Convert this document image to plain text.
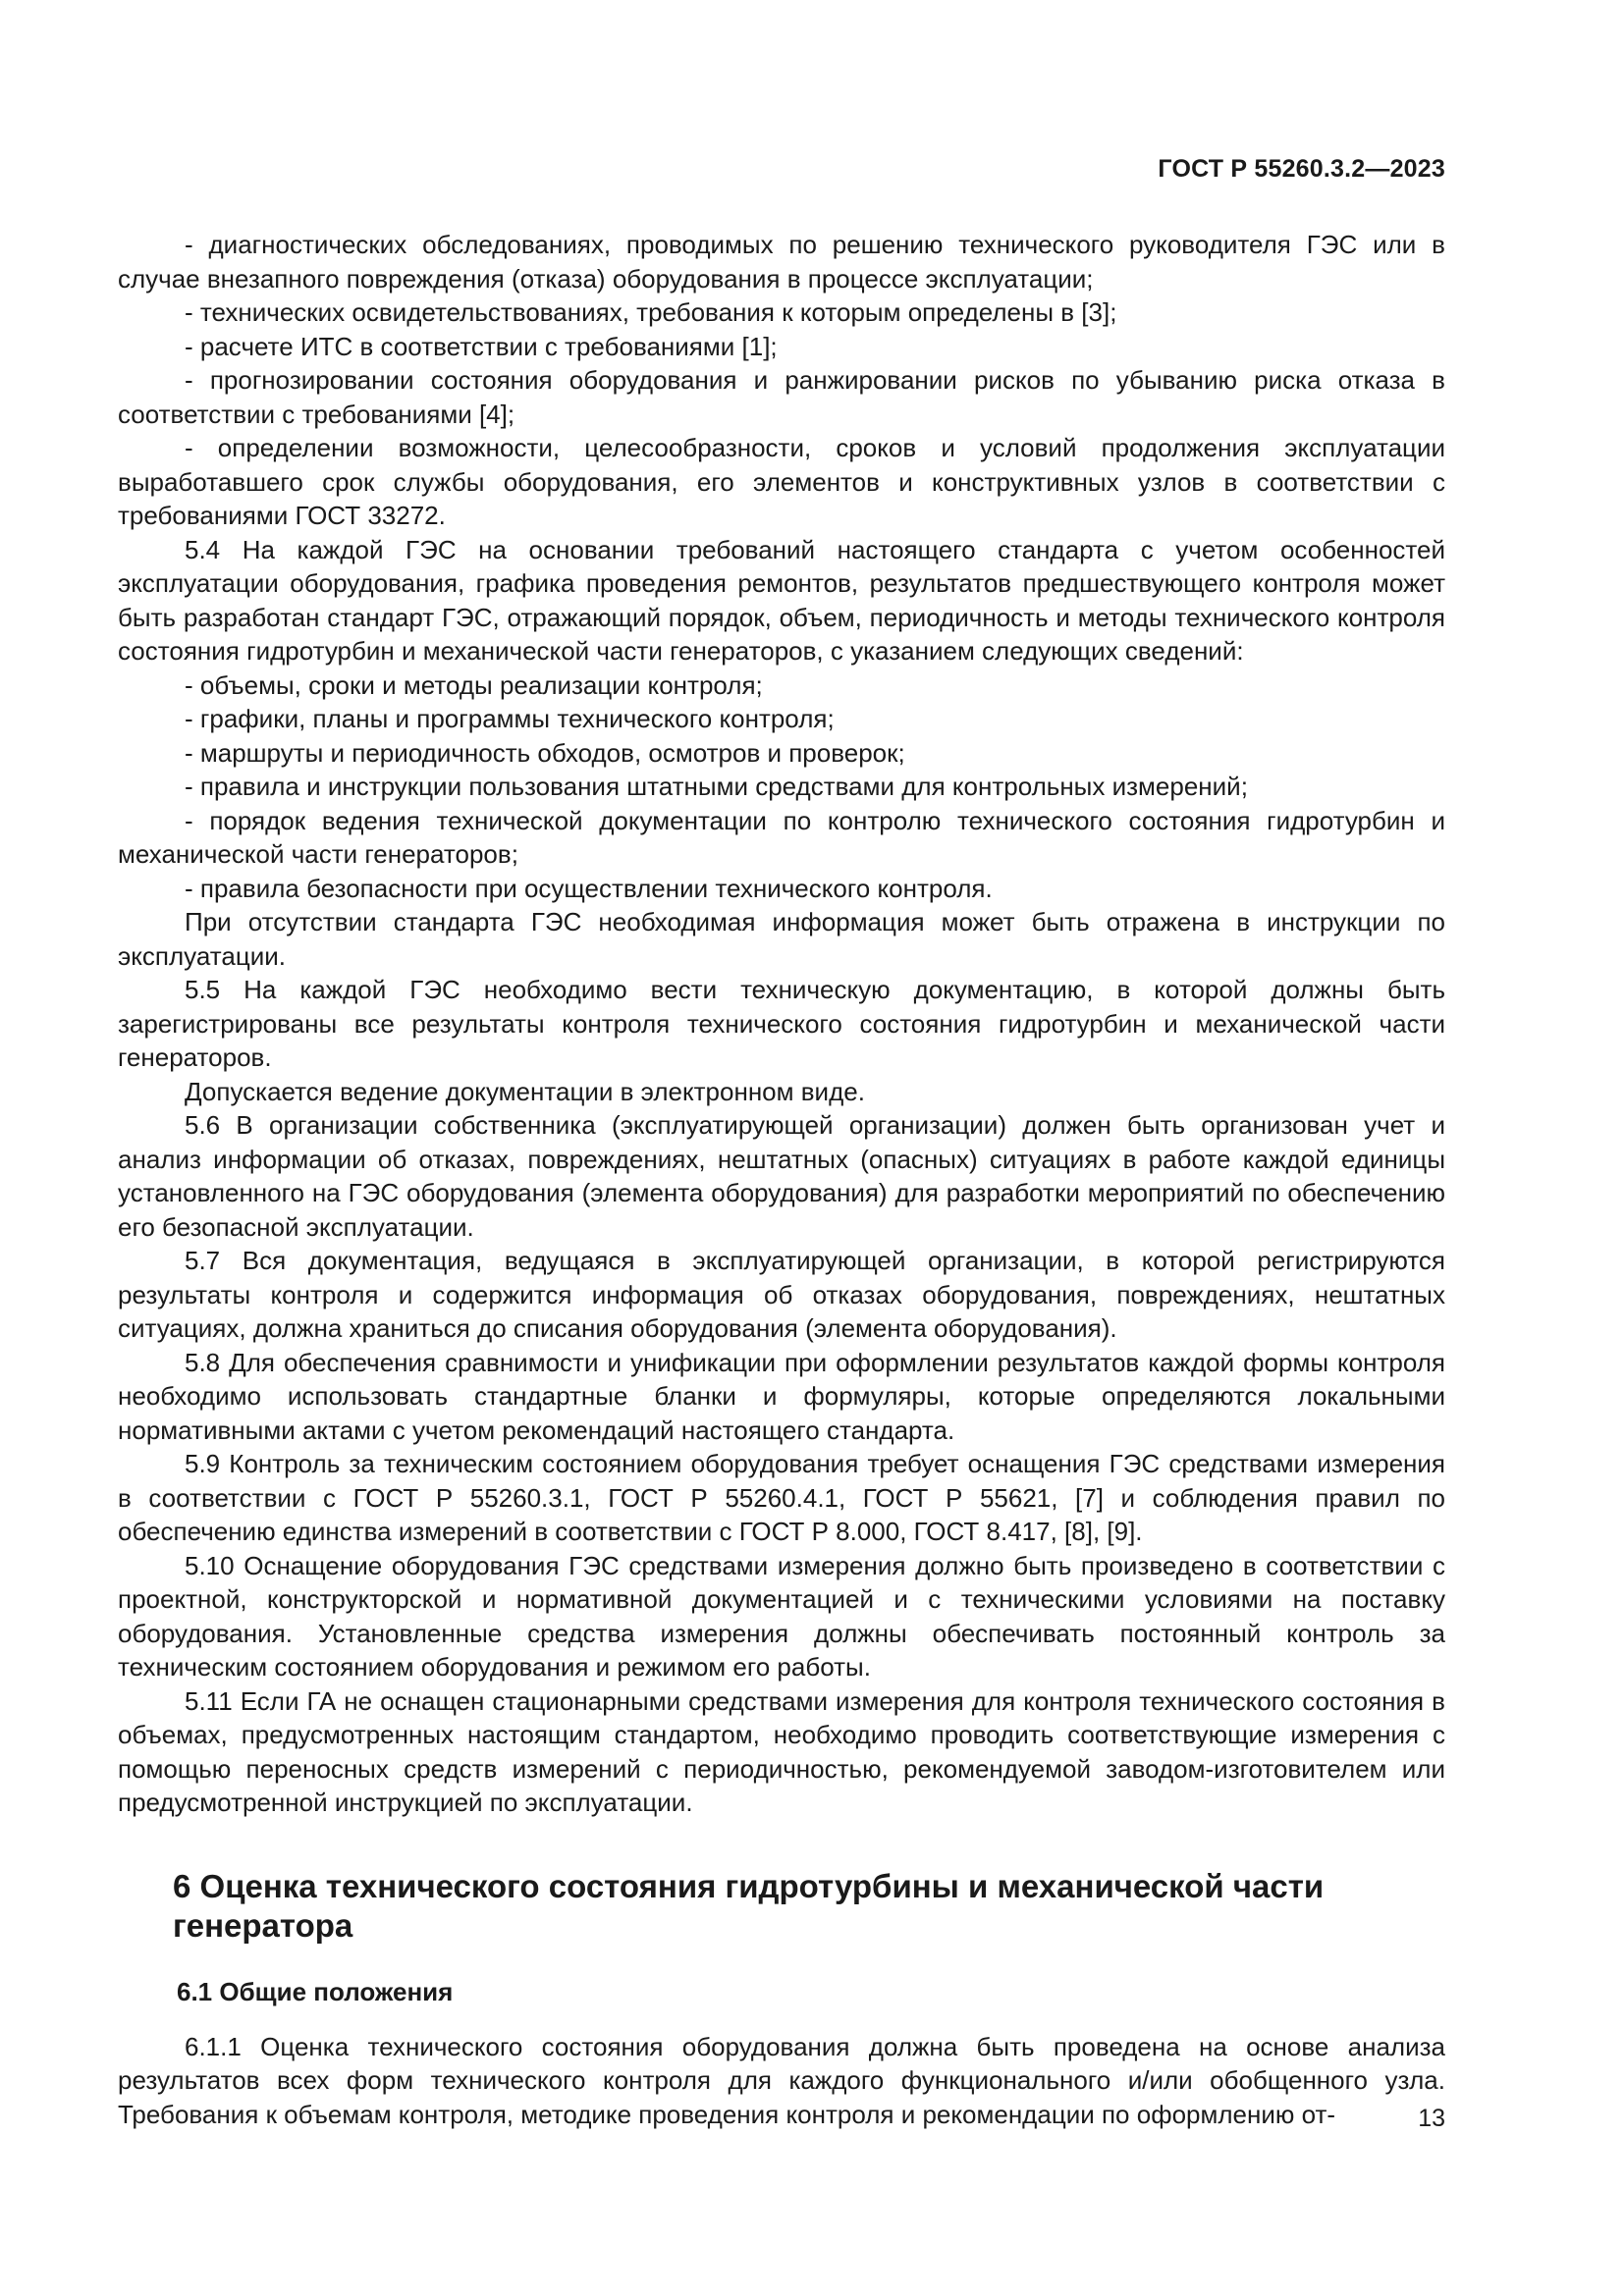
ГОСТ Р 55260.3.2—2023

- диагностических обследованиях, проводимых по решению технического руководителя ГЭС или в случае внезапного повреждения (отказа) оборудования в процессе эксплуатации;

- технических освидетельствованиях, требования к которым определены в [3];

- расчете ИТС в соответствии с требованиями [1];

- прогнозировании состояния оборудования и ранжировании рисков по убыванию риска отказа в соответствии с требованиями [4];

- определении возможности, целесообразности, сроков и условий продолжения эксплуатации выработавшего срок службы оборудования, его элементов и конструктивных узлов в соответствии с требованиями ГОСТ 33272.

5.4 На каждой ГЭС на основании требований настоящего стандарта с учетом особенностей эксплуатации оборудования, графика проведения ремонтов, результатов предшествующего контроля может быть разработан стандарт ГЭС, отражающий порядок, объем, периодичность и методы технического контроля состояния гидротурбин и механической части генераторов, с указанием следующих сведений:

- объемы, сроки и методы реализации контроля;

- графики, планы и программы технического контроля;

- маршруты и периодичность обходов, осмотров и проверок;

- правила и инструкции пользования штатными средствами для контрольных измерений;

- порядок ведения технической документации по контролю технического состояния гидротурбин и механической части генераторов;

- правила безопасности при осуществлении технического контроля.

При отсутствии стандарта ГЭС необходимая информация может быть отражена в инструкции по эксплуатации.

5.5 На каждой ГЭС необходимо вести техническую документацию, в которой должны быть зарегистрированы все результаты контроля технического состояния гидротурбин и механической части генераторов.

Допускается ведение документации в электронном виде.

5.6 В организации собственника (эксплуатирующей организации) должен быть организован учет и анализ информации об отказах, повреждениях, нештатных (опасных) ситуациях в работе каждой единицы установленного на ГЭС оборудования (элемента оборудования) для разработки мероприятий по обеспечению его безопасной эксплуатации.

5.7 Вся документация, ведущаяся в эксплуатирующей организации, в которой регистрируются результаты контроля и содержится информация об отказах оборудования, повреждениях, нештатных ситуациях, должна храниться до списания оборудования (элемента оборудования).

5.8 Для обеспечения сравнимости и унификации при оформлении результатов каждой формы контроля необходимо использовать стандартные бланки и формуляры, которые определяются локальными нормативными актами с учетом рекомендаций настоящего стандарта.

5.9 Контроль за техническим состоянием оборудования требует оснащения ГЭС средствами измерения в соответствии с ГОСТ Р 55260.3.1, ГОСТ Р 55260.4.1, ГОСТ Р 55621, [7] и соблюдения правил по обеспечению единства измерений в соответствии с ГОСТ Р 8.000, ГОСТ 8.417, [8], [9].

5.10 Оснащение оборудования ГЭС средствами измерения должно быть произведено в соответствии с проектной, конструкторской и нормативной документацией и с техническими условиями на поставку оборудования. Установленные средства измерения должны обеспечивать постоянный контроль за техническим состоянием оборудования и режимом его работы.

5.11 Если ГА не оснащен стационарными средствами измерения для контроля технического состояния в объемах, предусмотренных настоящим стандартом, необходимо проводить соответствующие измерения с помощью переносных средств измерений с периодичностью, рекомендуемой заводом-изготовителем или предусмотренной инструкцией по эксплуатации.

6 Оценка технического состояния гидротурбины и механической части генератора
6.1 Общие положения

6.1.1 Оценка технического состояния оборудования должна быть проведена на основе анализа результатов всех форм технического контроля для каждого функционального и/или обобщенного узла. Требования к объемам контроля, методике проведения контроля и рекомендации по оформлению от-	13
